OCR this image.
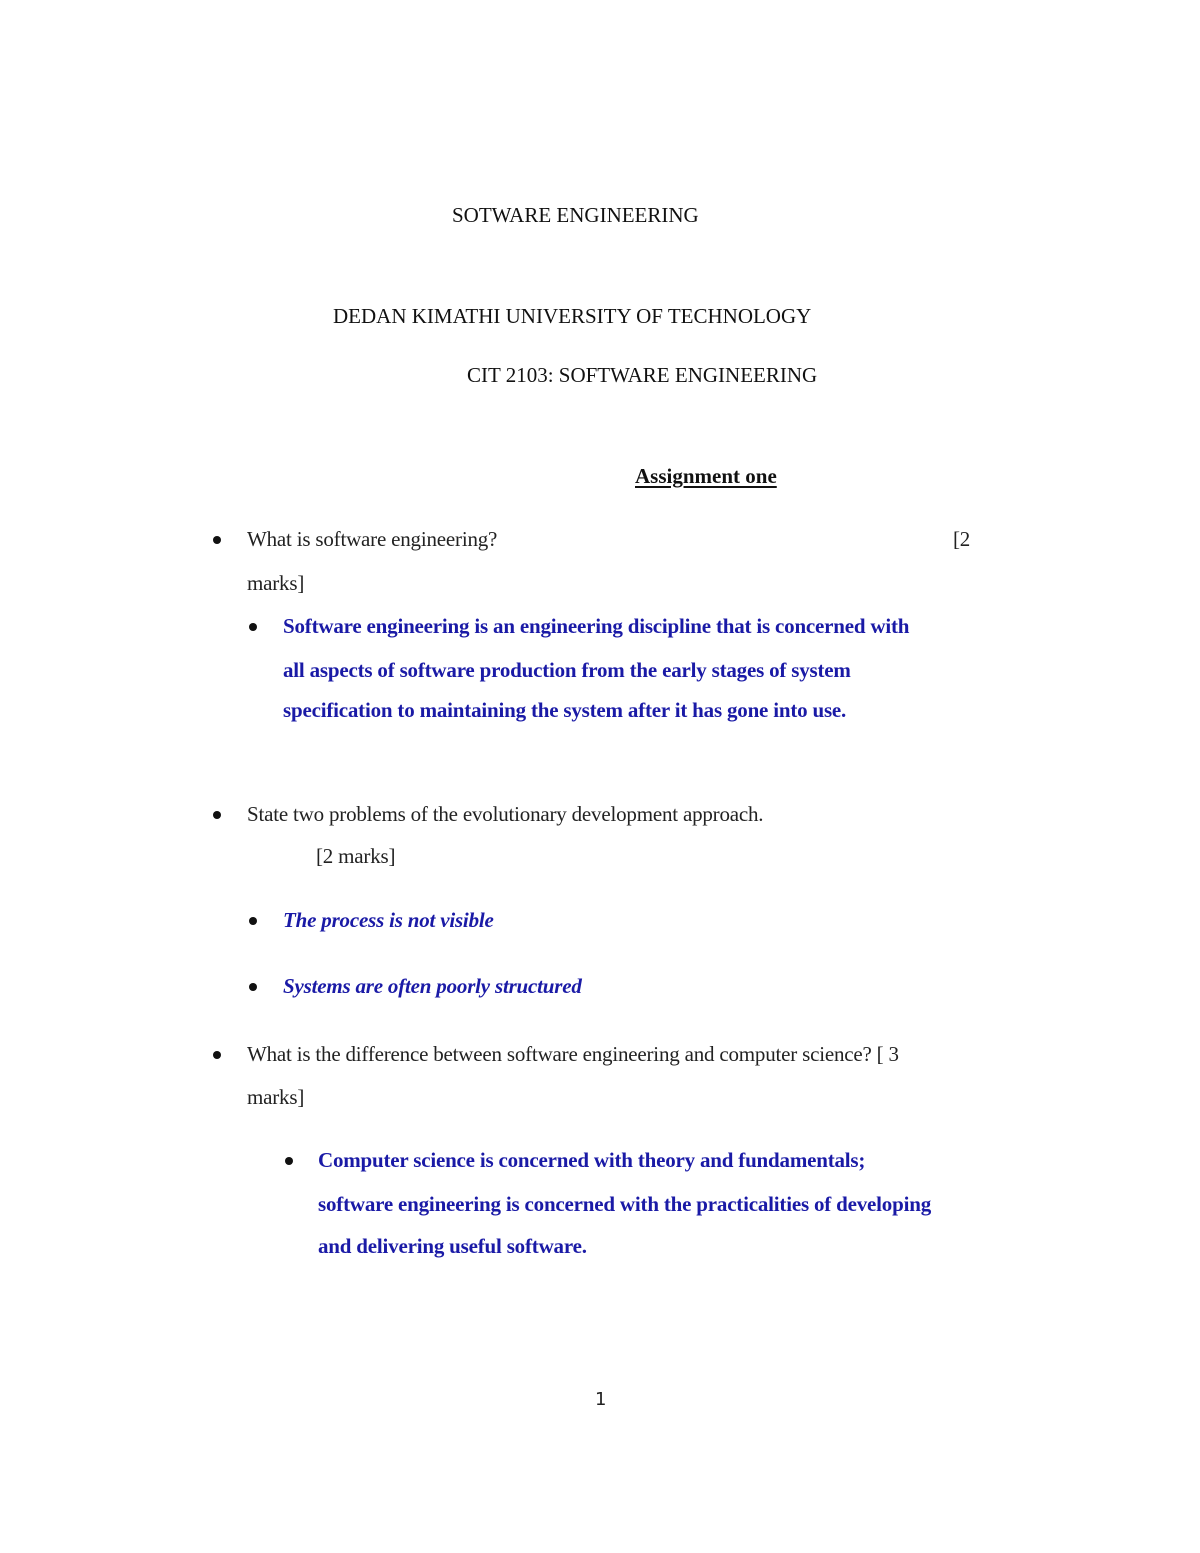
SOTWARE ENGINEERING
DEDAN KIMATHI UNIVERSITY OF TECHNOLOGY
CIT 2103: SOFTWARE ENGINEERING
Assignment one
What is software engineering?	[2
marks]
Software engineering is an engineering discipline that is concerned with
all aspects of software production from the early stages of system
specification to maintaining the system after it has gone into use.
State two problems of the evolutionary development approach.
[2 marks]
The process is not visible
Systems are often poorly structured
What is the difference between software engineering and computer science? [ 3
marks]
Computer science is concerned with theory and fundamentals;
software engineering is concerned with the practicalities of developing
and delivering useful software.
1
